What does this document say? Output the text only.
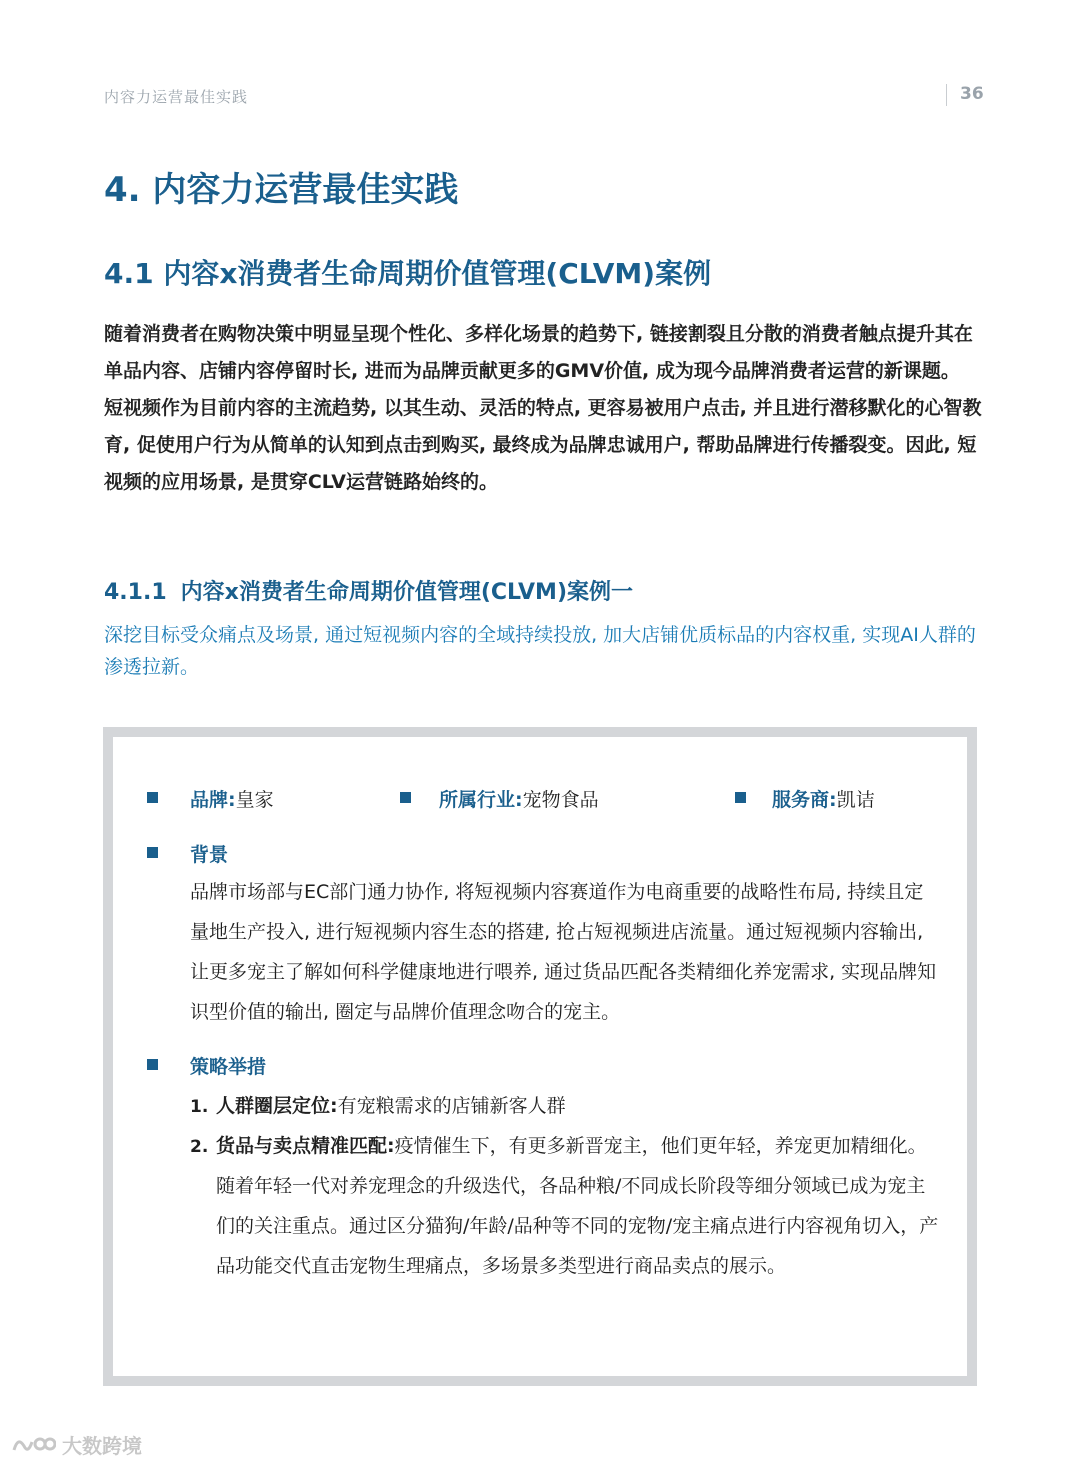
内容力运营最佳实践	36
4. 内容力运营最佳实践
4.1 内容x消费者生命周期价值管理(CLVM)案例
随着消费者在购物决策中明显呈现个性化、多样化场景的趋势下, 链接割裂且分散的消费者触点提升其在单品内容、店铺内容停留时长, 进而为品牌贡献更多的GMV价值, 成为现今品牌消费者运营的新课题。 短视频作为目前内容的主流趋势, 以其生动、灵活的特点, 更容易被用户点击, 并且进行潜移默化的心智教育, 促使用户行为从简单的认知到点击到购买, 最终成为品牌忠诚用户, 帮助品牌进行传播裂变。因此, 短视频的应用场景, 是贯穿CLV运营链路始终的。
4.1.1 内容x消费者生命周期价值管理(CLVM)案例一
深挖目标受众痛点及场景, 通过短视频内容的全域持续投放, 加大店铺优质标品的内容权重, 实现AI人群的渗透拉新。
品牌:皇家	所属行业:宠物食品	服务商:凯诘
背景
品牌市场部与EC部门通力协作, 将短视频内容赛道作为电商重要的战略性布局, 持续且定量地生产投入, 进行短视频内容生态的搭建, 抢占短视频进店流量。通过短视频内容输出, 让更多宠主了解如何科学健康地进行喂养, 通过货品匹配各类精细化养宠需求, 实现品牌知识型价值的输出, 圈定与品牌价值理念吻合的宠主。
策略举措
1. 人群圈层定位:有宠粮需求的店铺新客人群
2. 货品与卖点精准匹配:疫情催生下，有更多新晋宠主，他们更年轻，养宠更加精细化。随着年轻一代对养宠理念的升级迭代，各品种粮/不同成长阶段等细分领域已成为宠主们的关注重点。通过区分猫狗/年龄/品种等不同的宠物/宠主痛点进行内容视角切入，产品功能交代直击宠物生理痛点，多场景多类型进行商品卖点的展示。
大数跨境
